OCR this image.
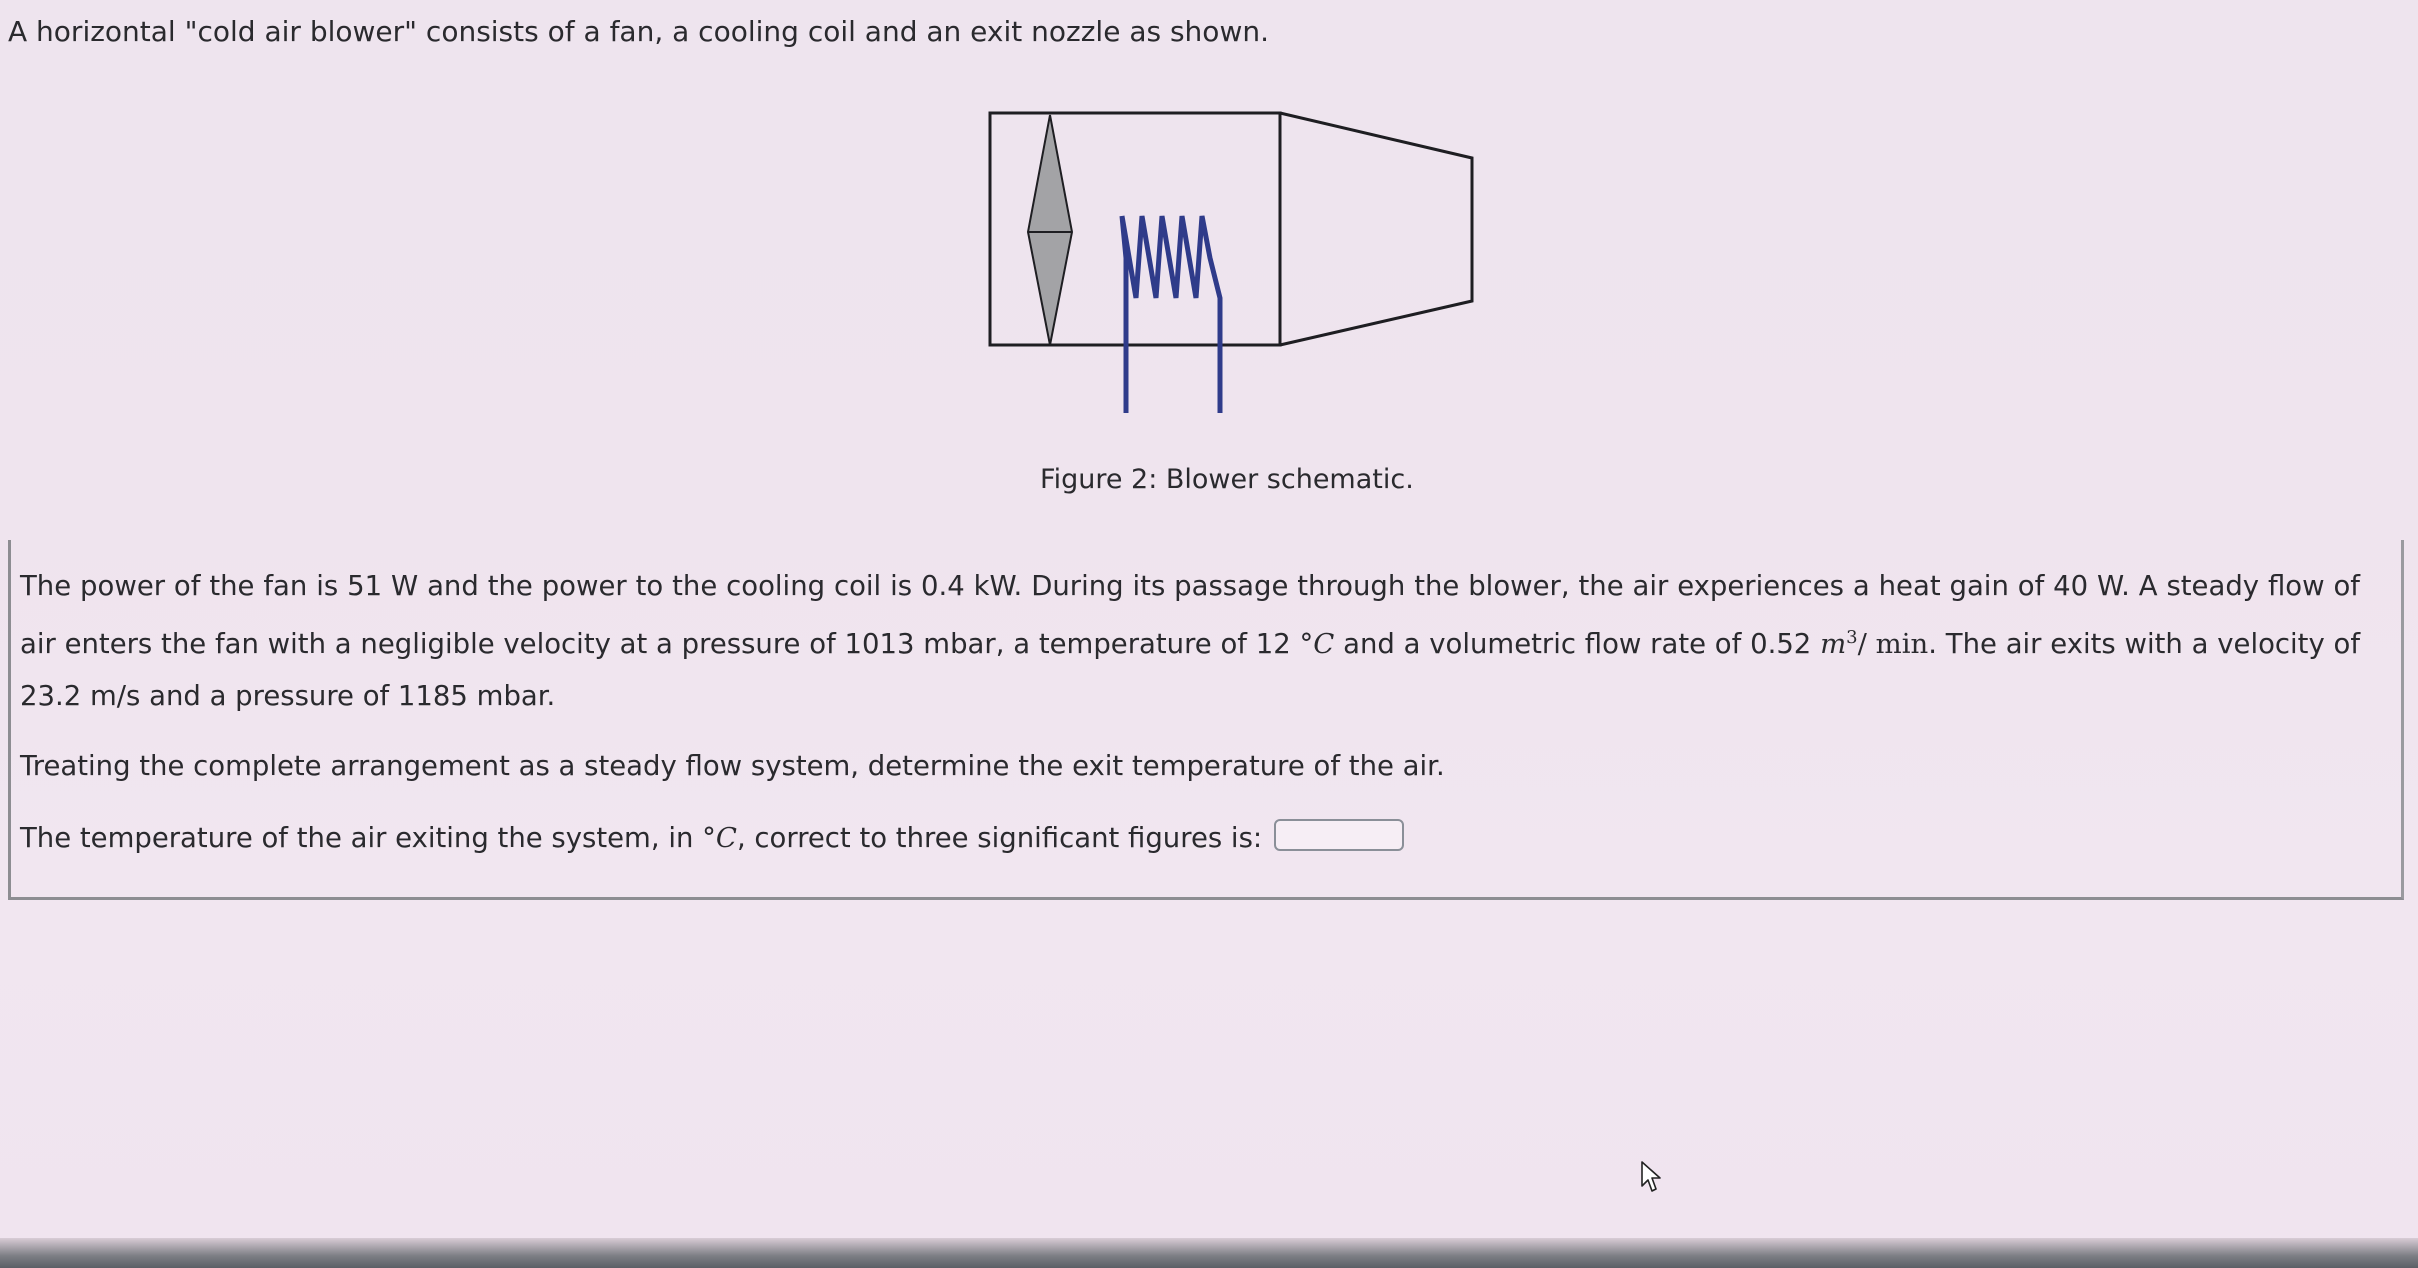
A horizontal "cold air blower" consists of a fan, a cooling coil and an exit nozzle as shown.
Figure 2: Blower schematic.
The power of the fan is 51 W and the power to the cooling coil is 0.4 kW. During its passage through the blower, the air experiences a heat gain of 40 W. A steady flow of air enters the fan with a negligible velocity at a pressure of 1013 mbar, a temperature of 12 °C and a volumetric flow rate of 0.52 $m^3/$ min. The air exits with a velocity of 23.2 m/s and a pressure of 1185 mbar.
Treating the complete arrangement as a steady flow system, determine the exit temperature of the air.
The temperature of the air exiting the system, in °C, correct to three significant figures is:
